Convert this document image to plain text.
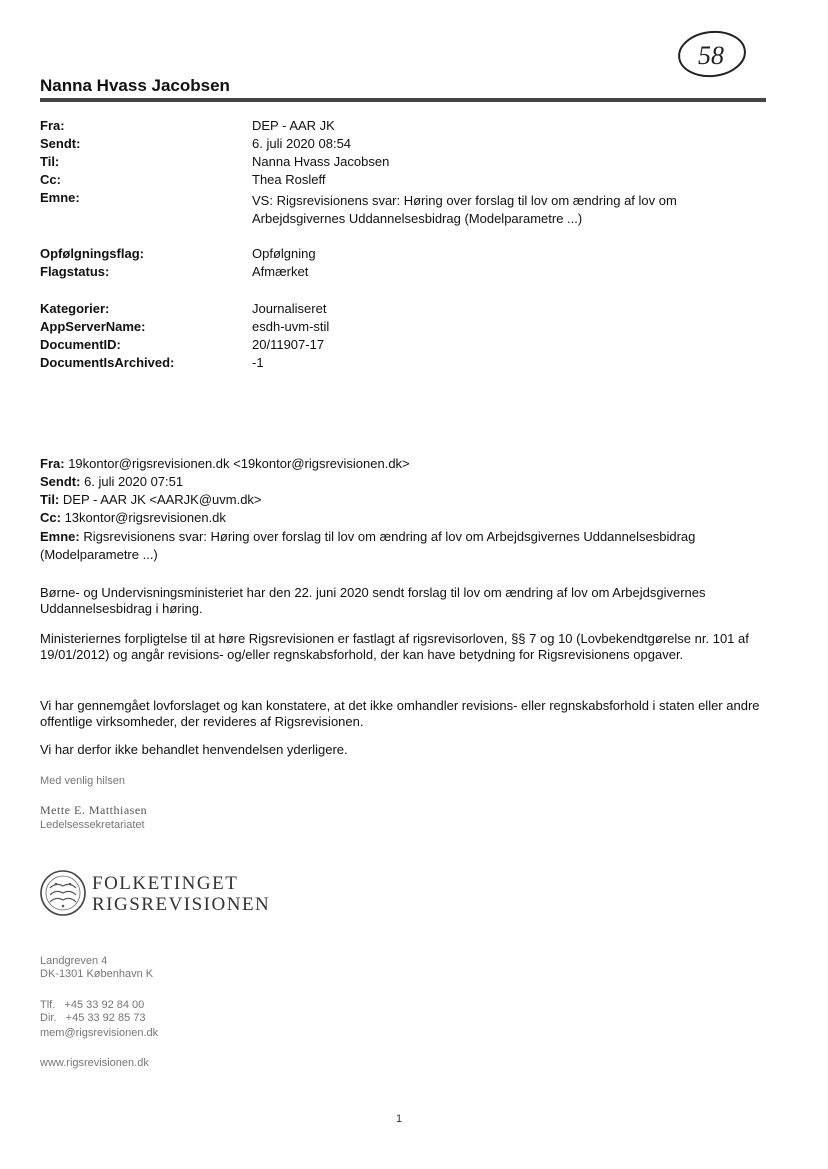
58
Nanna Hvass Jacobsen
Fra:	DEP - AAR JK
Sendt:	6. juli 2020 08:54
Til:	Nanna Hvass Jacobsen
Cc:	Thea Rosleff
Emne:	VS: Rigsrevisionens svar: Høring over forslag til lov om ændring af lov om Arbejdsgivernes Uddannelsesbidrag (Modelparametre ...)
Opfølgningsflag:	Opfølgning
Flagstatus:	Afmærket
Kategorier:	Journaliseret
AppServerName:	esdh-uvm-stil
DocumentID:	20/11907-17
DocumentIsArchived:	-1
Fra: 19kontor@rigsrevisionen.dk <19kontor@rigsrevisionen.dk>
Sendt: 6. juli 2020 07:51
Til: DEP - AAR JK <AARJK@uvm.dk>
Cc: 13kontor@rigsrevisionen.dk
Emne: Rigsrevisionens svar: Høring over forslag til lov om ændring af lov om Arbejdsgivernes Uddannelsesbidrag (Modelparametre ...)
Børne- og Undervisningsministeriet har den 22. juni 2020 sendt forslag til lov om ændring af lov om Arbejdsgivernes Uddannelsesbidrag i høring.
Ministeriernes forpligtelse til at høre Rigsrevisionen er fastlagt af rigsrevisorloven, §§ 7 og 10 (Lovbekendtgørelse nr. 101 af 19/01/2012) og angår revisions- og/eller regnskabsforhold, der kan have betydning for Rigsrevisionens opgaver.
Vi har gennemgået lovforslaget og kan konstatere, at det ikke omhandler revisions- eller regnskabsforhold i staten eller andre offentlige virksomheder, der revideres af Rigsrevisionen.
Vi har derfor ikke behandlet henvendelsen yderligere.
Med venlig hilsen
Mette E. Matthiasen
Ledelsessekretariatet
FOLKETINGET
RIGSREVISIONEN
Landgreven 4
DK-1301 København K
Tlf.   +45 33 92 84 00
Dir.   +45 33 92 85 73
mem@rigsrevisionen.dk
www.rigsrevisionen.dk
1
